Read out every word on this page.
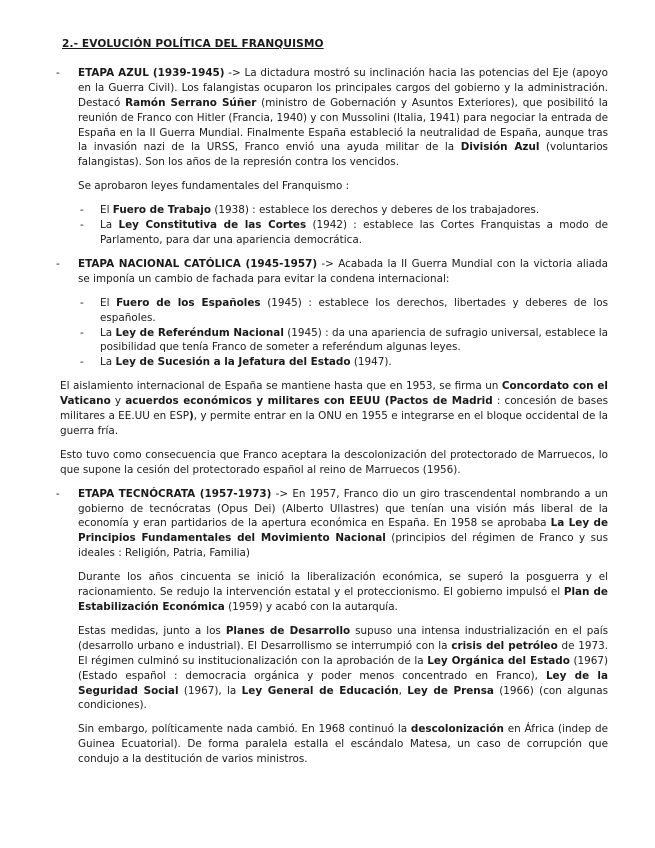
2.- EVOLUCIÓN POLÍTICA DEL FRANQUISMO
- ETAPA AZUL (1939-1945) -> La dictadura mostró su inclinación hacia las potencias del Eje (apoyo en la Guerra Civil). Los falangistas ocuparon los principales cargos del gobierno y la administración. Destacó Ramón Serrano Súñer (ministro de Gobernación y Asuntos Exteriores), que posibilitó la reunión de Franco con Hitler (Francia, 1940) y con Mussolini (Italia, 1941) para negociar la entrada de España en la II Guerra Mundial. Finalmente España estableció la neutralidad de España, aunque tras la invasión nazi de la URSS, Franco envió una ayuda militar de la División Azul (voluntarios falangistas). Son los años de la represión contra los vencidos.

Se aprobaron leyes fundamentales del Franquismo :

- El Fuero de Trabajo (1938) : establece los derechos y deberes de los trabajadores.
- La Ley Constitutiva de las Cortes (1942) : establece las Cortes Franquistas a modo de Parlamento, para dar una apariencia democrática.
- ETAPA NACIONAL CATÓLICA (1945-1957) -> Acabada la II Guerra Mundial con la victoria aliada se imponía un cambio de fachada para evitar la condena internacional:

- El Fuero de los Españoles (1945) : establece los derechos, libertades y deberes de los españoles.
- La Ley de Referéndum Nacional (1945) : da una apariencia de sufragio universal, establece la posibilidad que tenía Franco de someter a referéndum algunas leyes.
- La Ley de Sucesión a la Jefatura del Estado (1947).

El aislamiento internacional de España se mantiene hasta que en 1953, se firma un Concordato con el Vaticano y acuerdos económicos y militares con EEUU (Pactos de Madrid : concesión de bases militares a EE.UU en ESP), y permite entrar en la ONU en 1955 e integrarse en el bloque occidental de la guerra fría.

Esto tuvo como consecuencia que Franco aceptara la descolonización del protectorado de Marruecos, lo que supone la cesión del protectorado español al reino de Marruecos (1956).

- ETAPA TECNÓCRATA (1957-1973) -> En 1957, Franco dio un giro trascendental nombrando a un gobierno de tecnócratas (Opus Dei) (Alberto Ullastres) que tenían una visión más liberal de la economía y eran partidarios de la apertura económica en España. En 1958 se aprobaba La Ley de Principios Fundamentales del Movimiento Nacional (principios del régimen de Franco y sus ideales : Religión, Patria, Familia)

Durante los años cincuenta se inició la liberalización económica, se superó la posguerra y el racionamiento. Se redujo la intervención estatal y el proteccionismo. El gobierno impulsó el Plan de Estabilización Económica (1959) y acabó con la autarquía.

Estas medidas, junto a los Planes de Desarrollo supuso una intensa industrialización en el país (desarrollo urbano e industrial). El Desarrollismo se interrumpió con la crisis del petróleo de 1973. El régimen culminó su institucionalización con la aprobación de la Ley Orgánica del Estado (1967) (Estado español : democracia orgánica y poder menos concentrado en Franco), Ley de la Seguridad Social (1967), la Ley General de Educación, Ley de Prensa (1966) (con algunas condiciones).

Sin embargo, políticamente nada cambió. En 1968 continuó la descolonización en África (indep de Guinea Ecuatorial). De forma paralela estalla el escándalo Matesa, un caso de corrupción que condujo a la destitución de varios ministros.
